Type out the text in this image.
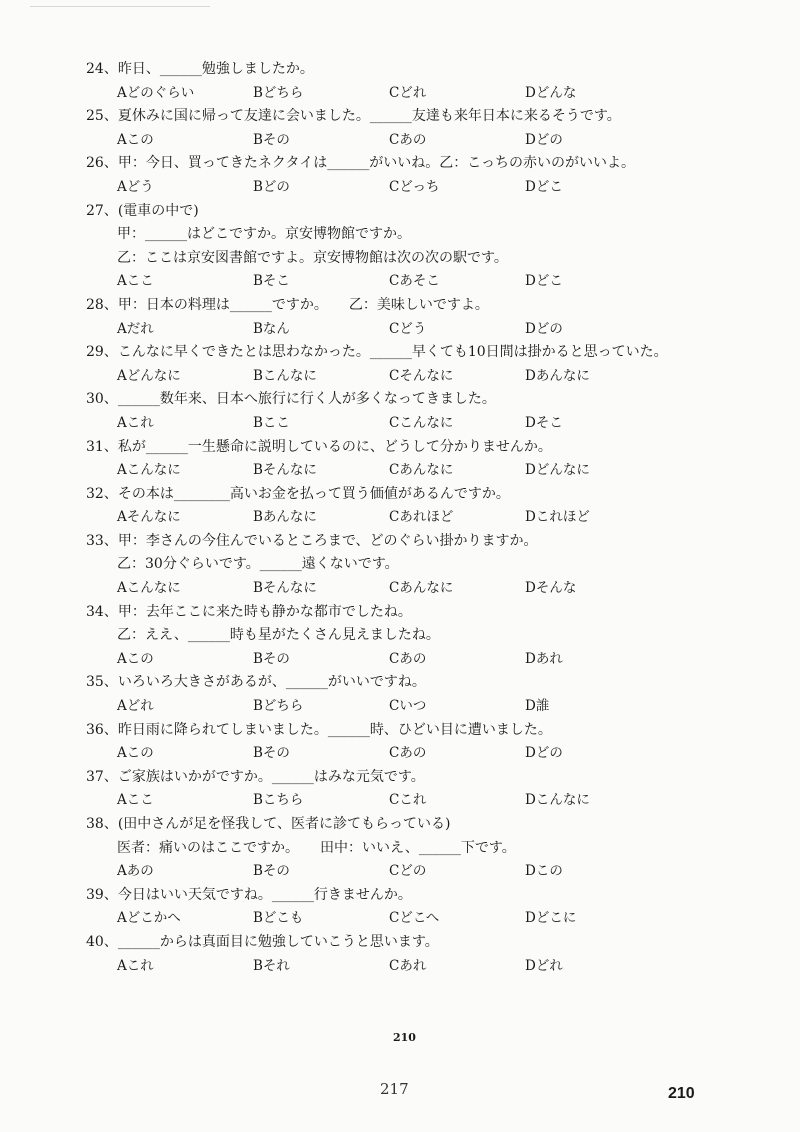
24、昨日、______勉強しましたか。
Aどのぐらい	Bどちら	Cどれ	Dどんな
25、夏休みに国に帰って友達に会いました。______友達も来年日本に来るそうです。
Aこの	Bその	Cあの	Dどの
26、甲：今日、買ってきたネクタイは______がいいね。乙：こっちの赤いのがいいよ。
Aどう	Bどの	Cどっち	Dどこ
27、(電車の中で)
甲：______はどこですか。京安博物館ですか。
乙：ここは京安図書館ですよ。京安博物館は次の次の駅です。
Aここ	Bそこ	Cあそこ	Dどこ
28、甲：日本の料理は______ですか。　　乙：美味しいですよ。
Aだれ	Bなん	Cどう	Dどの
29、こんなに早くできたとは思わなかった。______早くても10日間は掛かると思っていた。
Aどんなに	Bこんなに	Cそんなに	Dあんなに
30、______数年来、日本へ旅行に行く人が多くなってきました。
Aこれ	Bここ	Cこんなに	Dそこ
31、私が______一生懸命に説明しているのに、どうして分かりませんか。
Aこんなに	Bそんなに	Cあんなに	Dどんなに
32、その本は________高いお金を払って買う価値があるんですか。
Aそんなに	Bあんなに	Cあれほど	Dこれほど
33、甲：李さんの今住んでいるところまで、どのぐらい掛かりますか。
乙：30分ぐらいです。______遠くないです。
Aこんなに	Bそんなに	Cあんなに	Dそんな
34、甲：去年ここに来た時も静かな都市でしたね。
乙：ええ、______時も星がたくさん見えましたね。
Aこの	Bその	Cあの	Dあれ
35、いろいろ大きさがあるが、______がいいですね。
Aどれ	Bどちら	Cいつ	D誰
36、昨日雨に降られてしまいました。______時、ひどい目に遭いました。
Aこの	Bその	Cあの	Dどの
37、ご家族はいかがですか。______はみな元気です。
Aここ	Bこちら	Cこれ	Dこんなに
38、(田中さんが足を怪我して、医者に診てもらっている)
医者：痛いのはここですか。　　田中：いいえ、______下です。
Aあの	Bその	Cどの	Dこの
39、今日はいい天気ですね。______行きませんか。
Aどこかへ	Bどこも	Cどこへ	Dどこに
40、______からは真面目に勉強していこうと思います。
Aこれ	Bそれ	Cあれ	Dどれ
210
217	210
